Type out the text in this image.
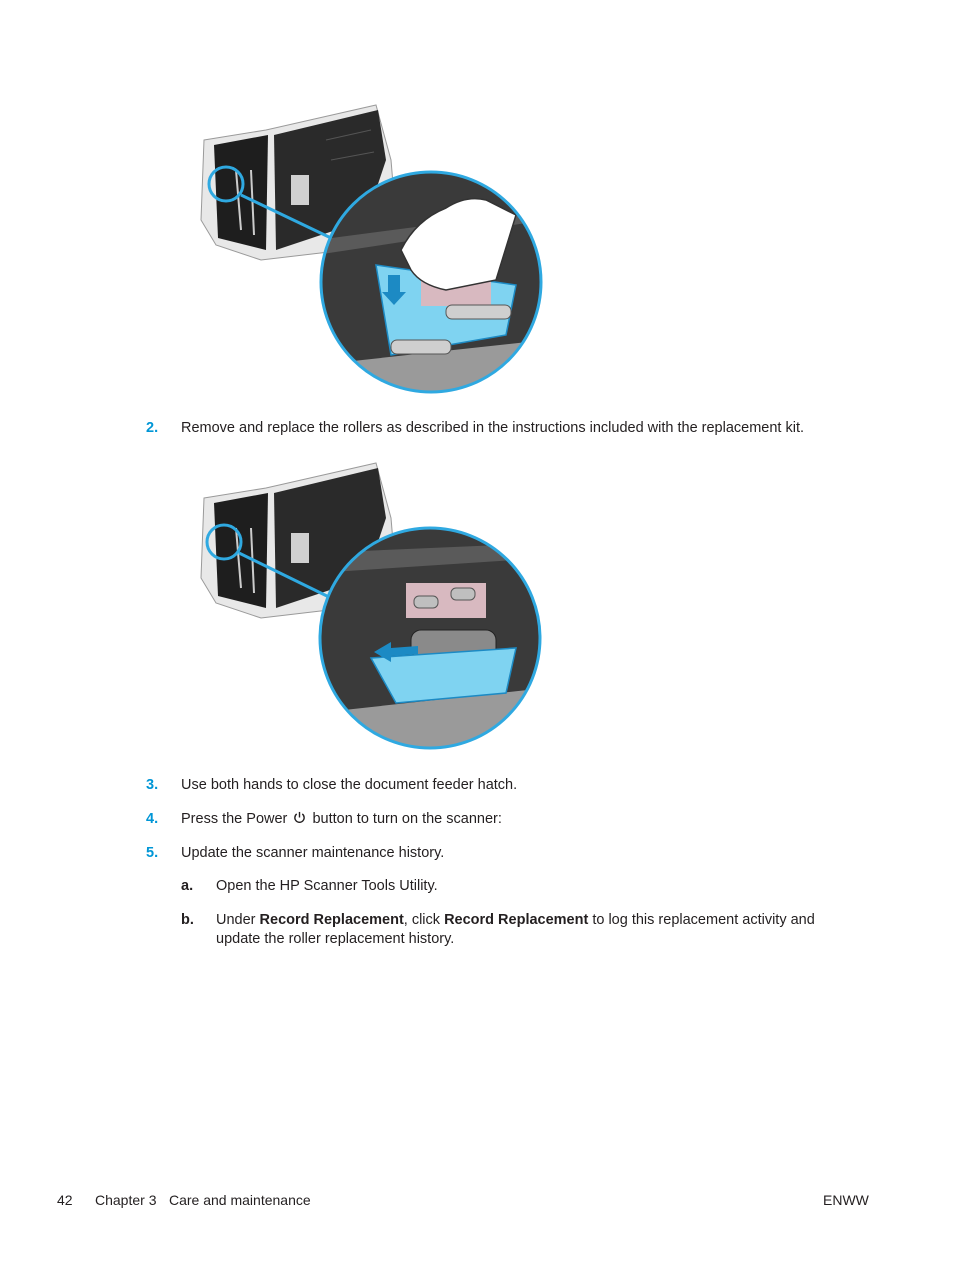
2. Remove and replace the rollers as described in the instructions included with the replacement kit.
3. Use both hands to close the document feeder hatch.
4. Press the Power button to turn on the scanner:
5. Update the scanner maintenance history.
a. Open the HP Scanner Tools Utility.
b. Under Record Replacement, click Record Replacement to log this replacement activity and update the roller replacement history.
42 Chapter 3 Care and maintenance	ENWW
